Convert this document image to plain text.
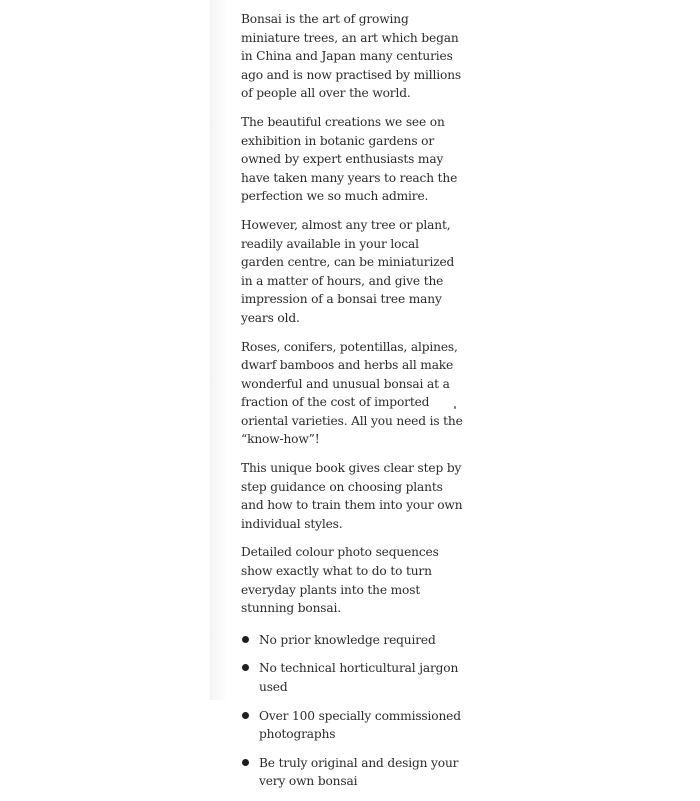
Bonsai is the art of growing miniature trees, an art which began in China and Japan many centuries ago and is now practised by millions of people all over the world.

The beautiful creations we see on exhibition in botanic gardens or owned by expert enthusiasts may have taken many years to reach the perfection we so much admire.

However, almost any tree or plant, readily available in your local garden centre, can be miniaturized in a matter of hours, and give the impression of a bonsai tree many years old.

Roses, conifers, potentillas, alpines, dwarf bamboos and herbs all make wonderful and unusual bonsai at a fraction of the cost of imported oriental varieties. All you need is the “know-how”!

This unique book gives clear step by step guidance on choosing plants and how to train them into your own individual styles.

Detailed colour photo sequences show exactly what to do to turn everyday plants into the most stunning bonsai.

No prior knowledge required
No technical horticultural jargon used
Over 100 specially commissioned photographs
Be truly original and design your very own bonsai
